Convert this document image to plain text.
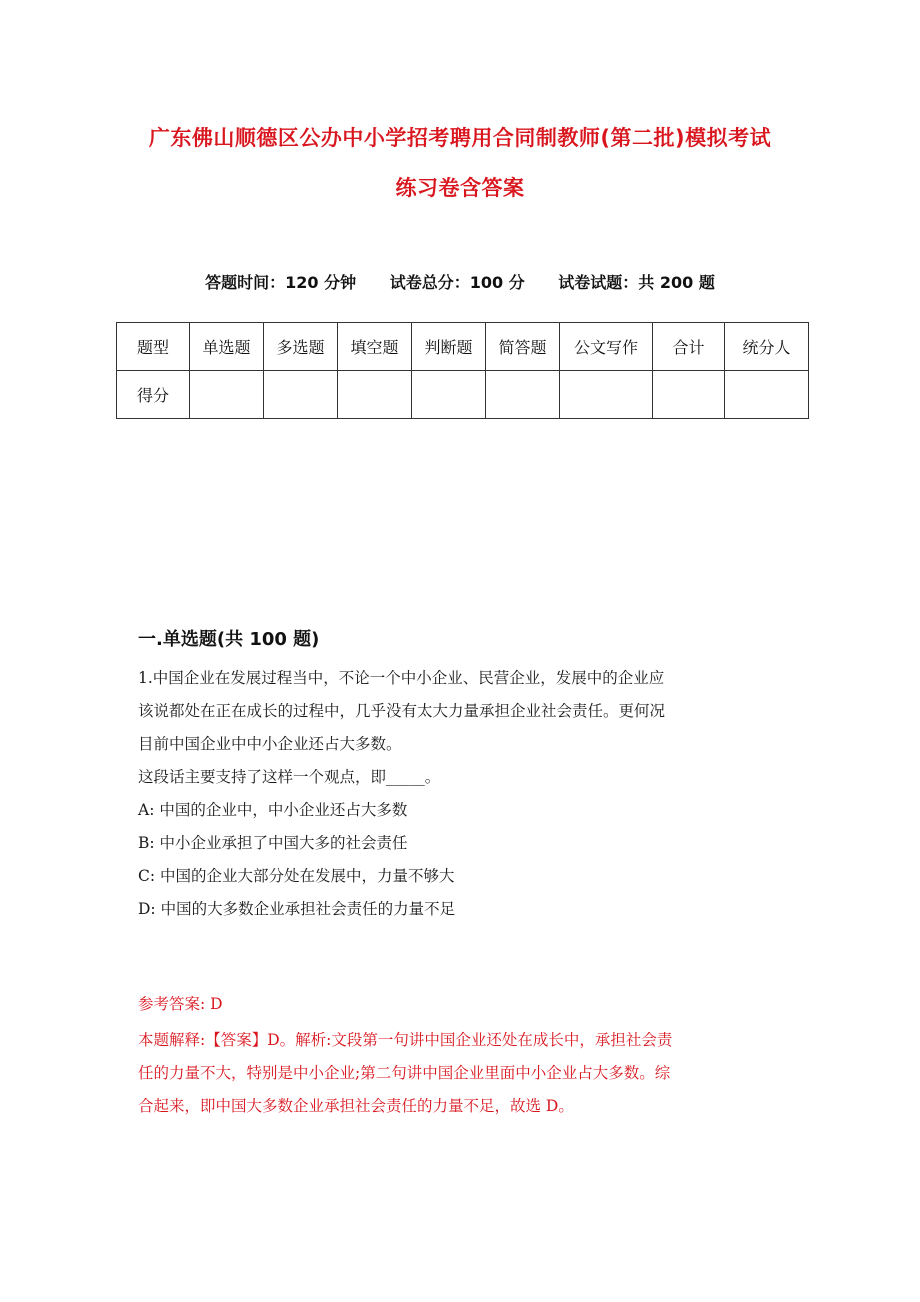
广东佛山顺德区公办中小学招考聘用合同制教师(第二批)模拟考试
练习卷含答案
答题时间：120 分钟 试卷总分：100 分 试卷试题：共 200 题
题型	单选题	多选题	填空题	判断题	简答题	公文写作	合计	统分人
得分								
一.单选题(共 100 题)
1.中国企业在发展过程当中，不论一个中小企业、民营企业，发展中的企业应
该说都处在正在成长的过程中，几乎没有太大力量承担企业社会责任。更何况
目前中国企业中中小企业还占大多数。
这段话主要支持了这样一个观点，即_____。
A: 中国的企业中，中小企业还占大多数
B: 中小企业承担了中国大多的社会责任
C: 中国的企业大部分处在发展中，力量不够大
D: 中国的大多数企业承担社会责任的力量不足
参考答案: D
本题解释:【答案】D。解析:文段第一句讲中国企业还处在成长中，承担社会责
任的力量不大，特别是中小企业;第二句讲中国企业里面中小企业占大多数。综
合起来，即中国大多数企业承担社会责任的力量不足，故选 D。
